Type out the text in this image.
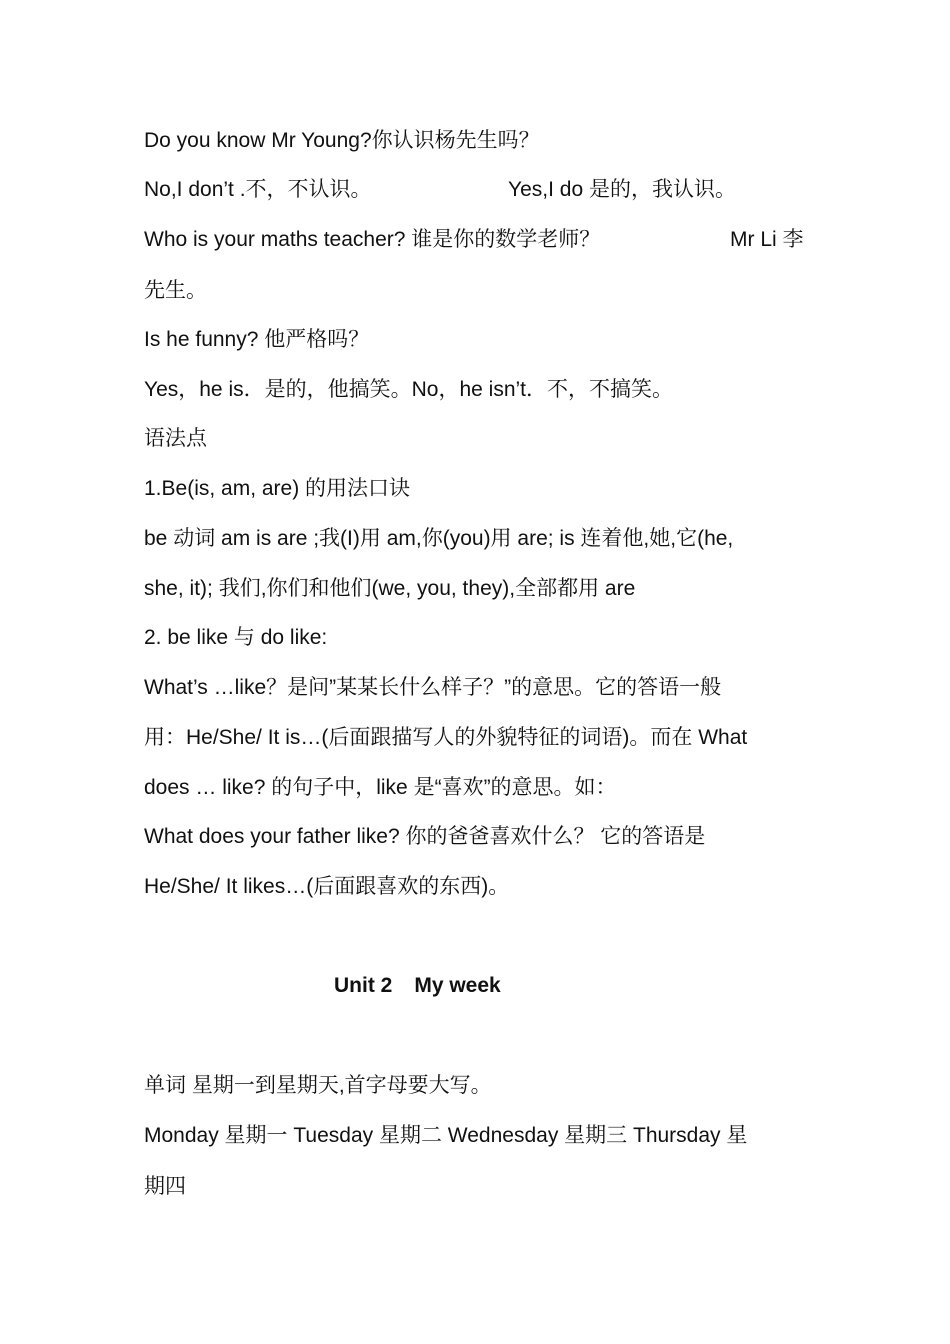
Do you know Mr Young?你认识杨先生吗？
No,I don’t .不，不认识。	Yes,I do 是的，我认识。
Who is your maths teacher? 谁是你的数学老师？	Mr Li 李
先生。
Is he funny? 他严格吗？
Yes，he is．是的，他搞笑。No，he isn’t．不，不搞笑。
语法点
1.Be(is, am, are) 的用法口诀
be 动词 am is are ;我(I)用 am,你(you)用 are; is 连着他,她,它(he,
she, it); 我们,你们和他们(we, you, they),全部都用 are
2. be like 与 do like:
What’s …like？是问”某某长什么样子？”的意思。它的答语一般
用：He/She/ It is…(后面跟描写人的外貌特征的词语)。而在 What
does … like? 的句子中，like 是“喜欢”的意思。如：
What does your father like? 你的爸爸喜欢什么？ 它的答语是
He/She/ It likes…(后面跟喜欢的东西)。
Unit 2 My week
单词 星期一到星期天,首字母要大写。
Monday 星期一 Tuesday 星期二 Wednesday 星期三 Thursday 星
期四
